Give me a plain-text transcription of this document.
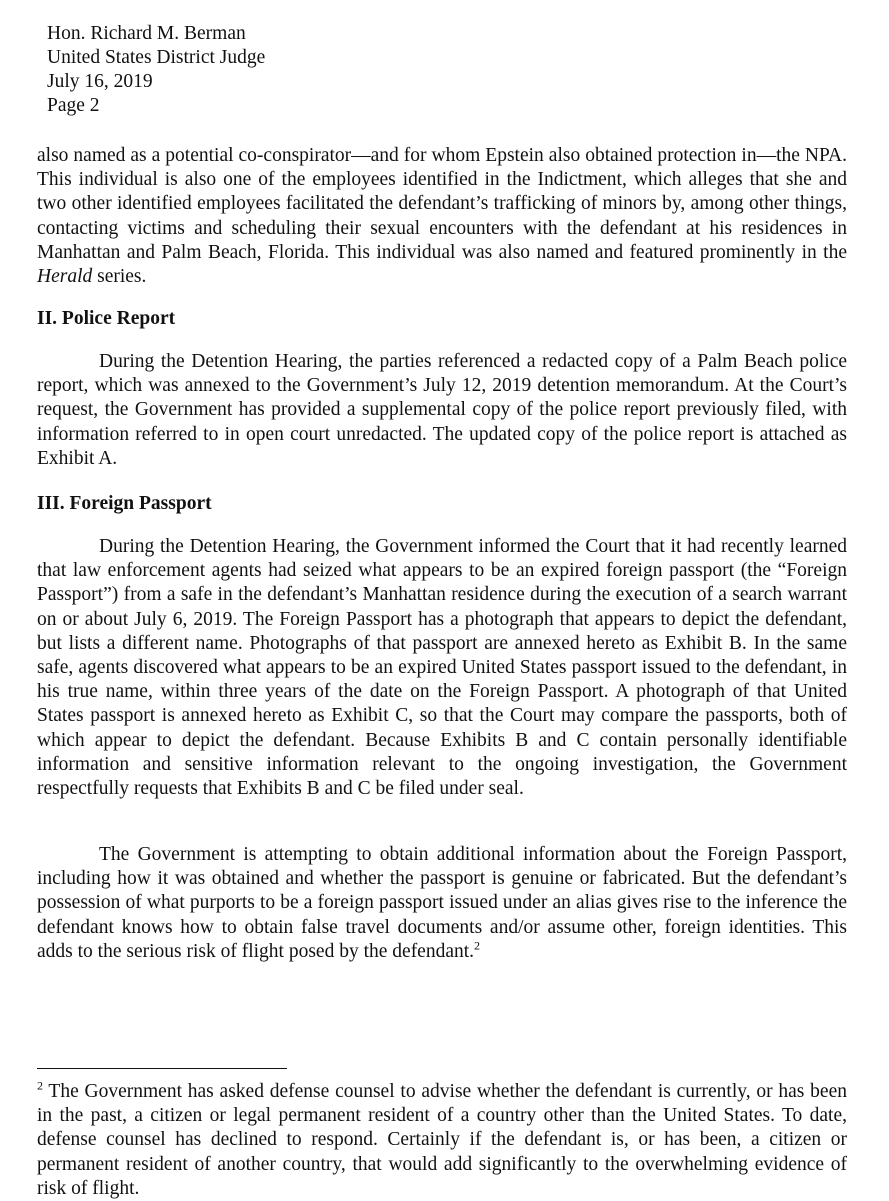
Hon. Richard M. Berman
United States District Judge
July 16, 2019
Page 2
also named as a potential co-conspirator—and for whom Epstein also obtained protection in—the NPA. This individual is also one of the employees identified in the Indictment, which alleges that she and two other identified employees facilitated the defendant’s trafficking of minors by, among other things, contacting victims and scheduling their sexual encounters with the defendant at his residences in Manhattan and Palm Beach, Florida. This individual was also named and featured prominently in the Herald series.
II. Police Report
During the Detention Hearing, the parties referenced a redacted copy of a Palm Beach police report, which was annexed to the Government’s July 12, 2019 detention memorandum. At the Court’s request, the Government has provided a supplemental copy of the police report previously filed, with information referred to in open court unredacted. The updated copy of the police report is attached as Exhibit A.
III. Foreign Passport
During the Detention Hearing, the Government informed the Court that it had recently learned that law enforcement agents had seized what appears to be an expired foreign passport (the “Foreign Passport”) from a safe in the defendant’s Manhattan residence during the execution of a search warrant on or about July 6, 2019. The Foreign Passport has a photograph that appears to depict the defendant, but lists a different name. Photographs of that passport are annexed hereto as Exhibit B. In the same safe, agents discovered what appears to be an expired United States passport issued to the defendant, in his true name, within three years of the date on the Foreign Passport. A photograph of that United States passport is annexed hereto as Exhibit C, so that the Court may compare the passports, both of which appear to depict the defendant. Because Exhibits B and C contain personally identifiable information and sensitive information relevant to the ongoing investigation, the Government respectfully requests that Exhibits B and C be filed under seal.
The Government is attempting to obtain additional information about the Foreign Passport, including how it was obtained and whether the passport is genuine or fabricated. But the defendant’s possession of what purports to be a foreign passport issued under an alias gives rise to the inference the defendant knows how to obtain false travel documents and/or assume other, foreign identities. This adds to the serious risk of flight posed by the defendant.$^2$
$^2$ The Government has asked defense counsel to advise whether the defendant is currently, or has been in the past, a citizen or legal permanent resident of a country other than the United States. To date, defense counsel has declined to respond. Certainly if the defendant is, or has been, a citizen or permanent resident of another country, that would add significantly to the overwhelming evidence of risk of flight.
